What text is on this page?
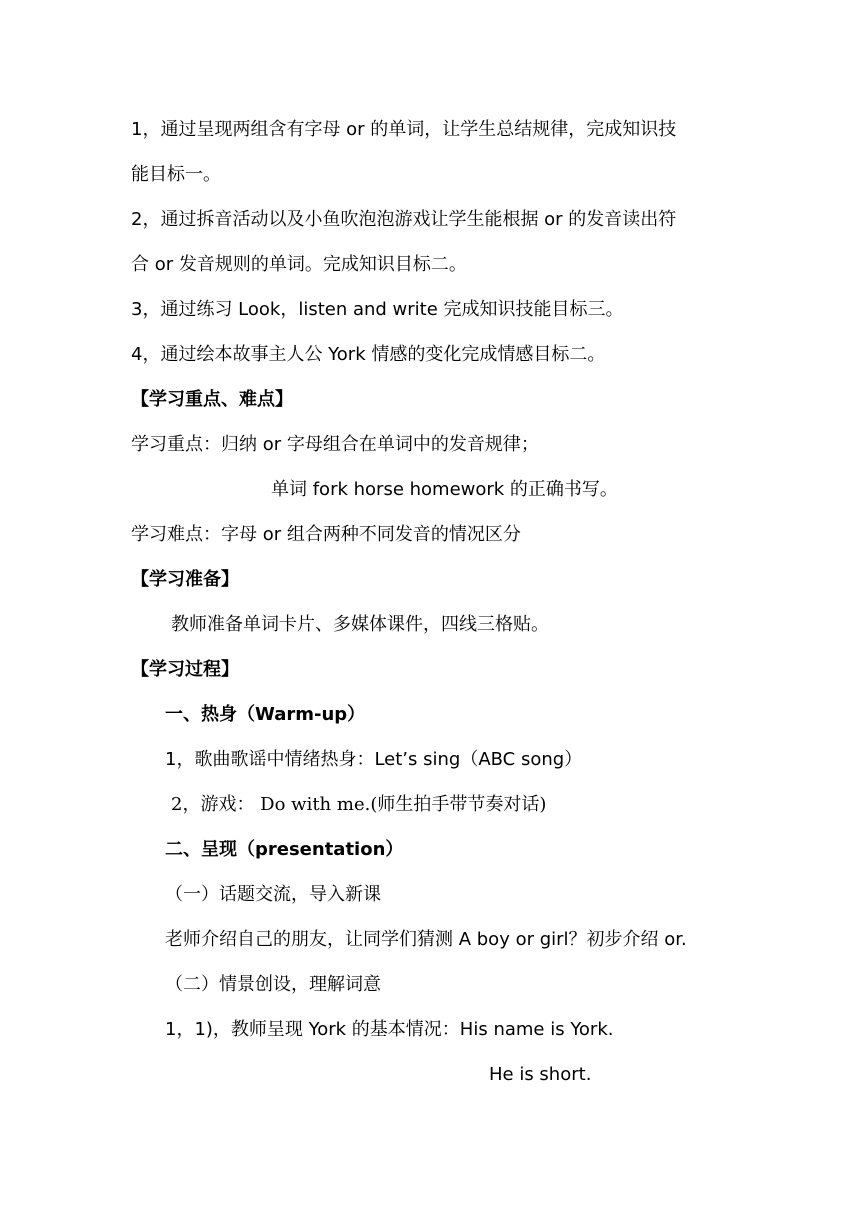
1，通过呈现两组含有字母 or 的单词，让学生总结规律，完成知识技
能目标一。
2，通过拆音活动以及小鱼吹泡泡游戏让学生能根据 or 的发音读出符
合 or 发音规则的单词。完成知识目标二。
3，通过练习 Look，listen and write 完成知识技能目标三。
4，通过绘本故事主人公 York 情感的变化完成情感目标二。
【学习重点、难点】
学习重点：归纳 or 字母组合在单词中的发音规律；
单词 fork horse homework 的正确书写。
学习难点：字母 or 组合两种不同发音的情况区分
【学习准备】
教师准备单词卡片、多媒体课件，四线三格贴。
【学习过程】
一、热身（Warm-up）
1，歌曲歌谣中情绪热身：Let’s sing（ABC song）
2，游戏： Do with me.(师生拍手带节奏对话)
二、呈现（presentation）
（一）话题交流，导入新课
老师介绍自己的朋友，让同学们猜测 A boy or girl？初步介绍 or.
（二）情景创设，理解词意
1，1)，教师呈现 York 的基本情况：His name is York.
He is short.
